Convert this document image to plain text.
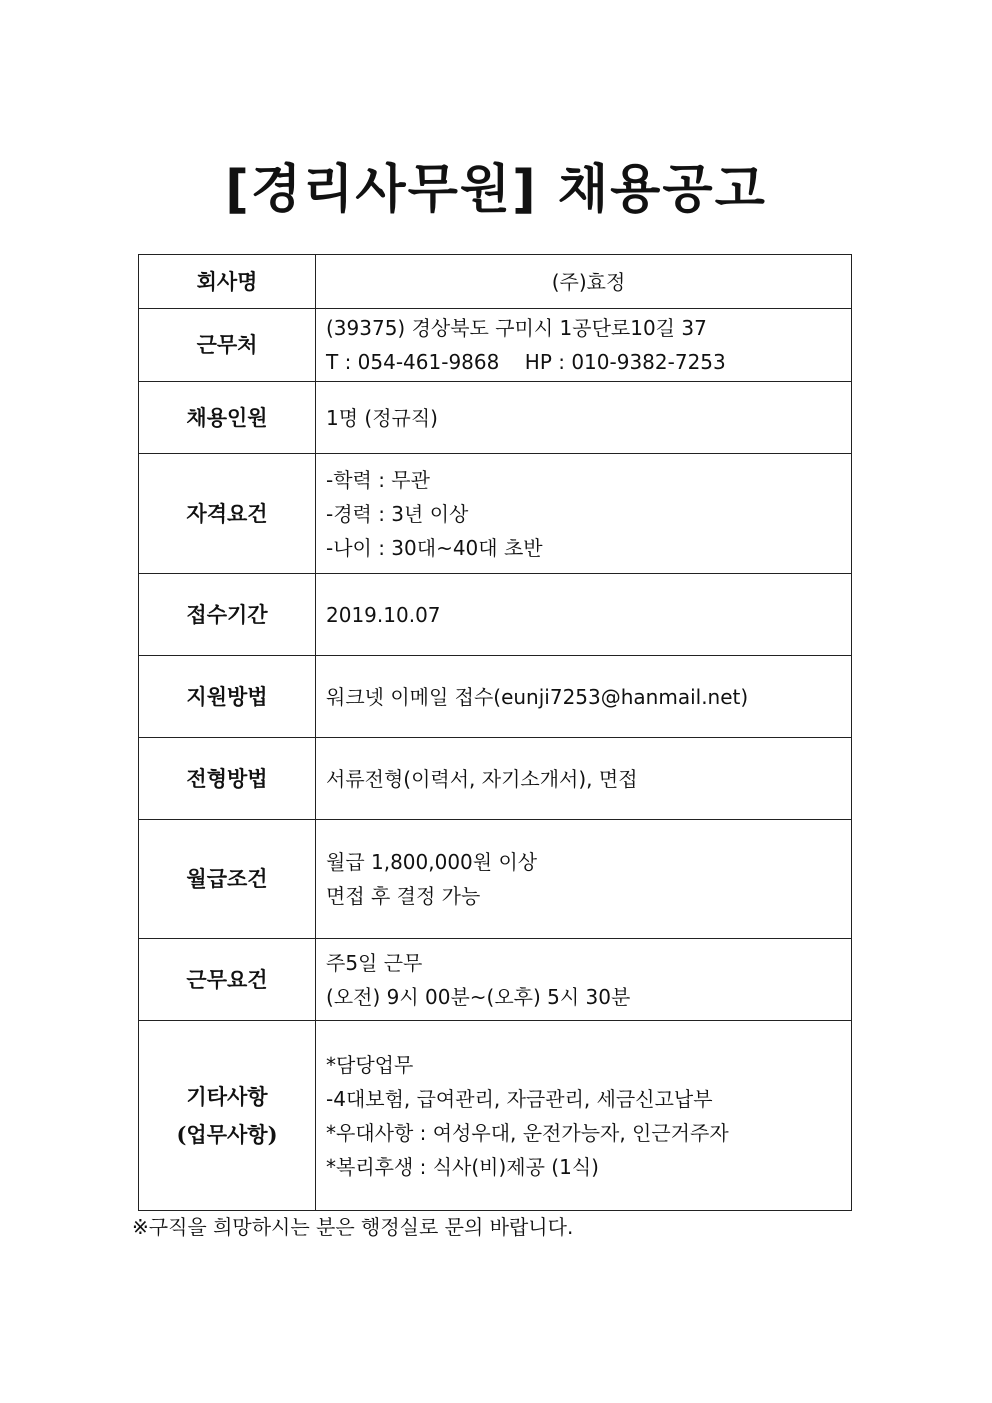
[경리사무원] 채용공고
회사명	(주)효정

근무처	(39375) 경상북도 구미시 1공단로10길 37
T : 054-461-9868    HP : 010-9382-7253

채용인원	1명 (정규직)

자격요건	-학력 : 무관
-경력 : 3년 이상
-나이 : 30대~40대 초반

접수기간	2019.10.07

지원방법	워크넷 이메일 접수(eunji7253@hanmail.net)

전형방법	서류전형(이력서, 자기소개서), 면접

월급조건	월급 1,800,000원 이상
면접 후 결정 가능

근무요건	주5일 근무
(오전) 9시 00분~(오후) 5시 30분

기타사항
(업무사항)	*담당업무
-4대보험, 급여관리, 자금관리, 세금신고납부
*우대사항 : 여성우대, 운전가능자, 인근거주자
*복리후생 : 식사(비)제공 (1식)
※구직을 희망하시는 분은 행정실로 문의 바랍니다.
